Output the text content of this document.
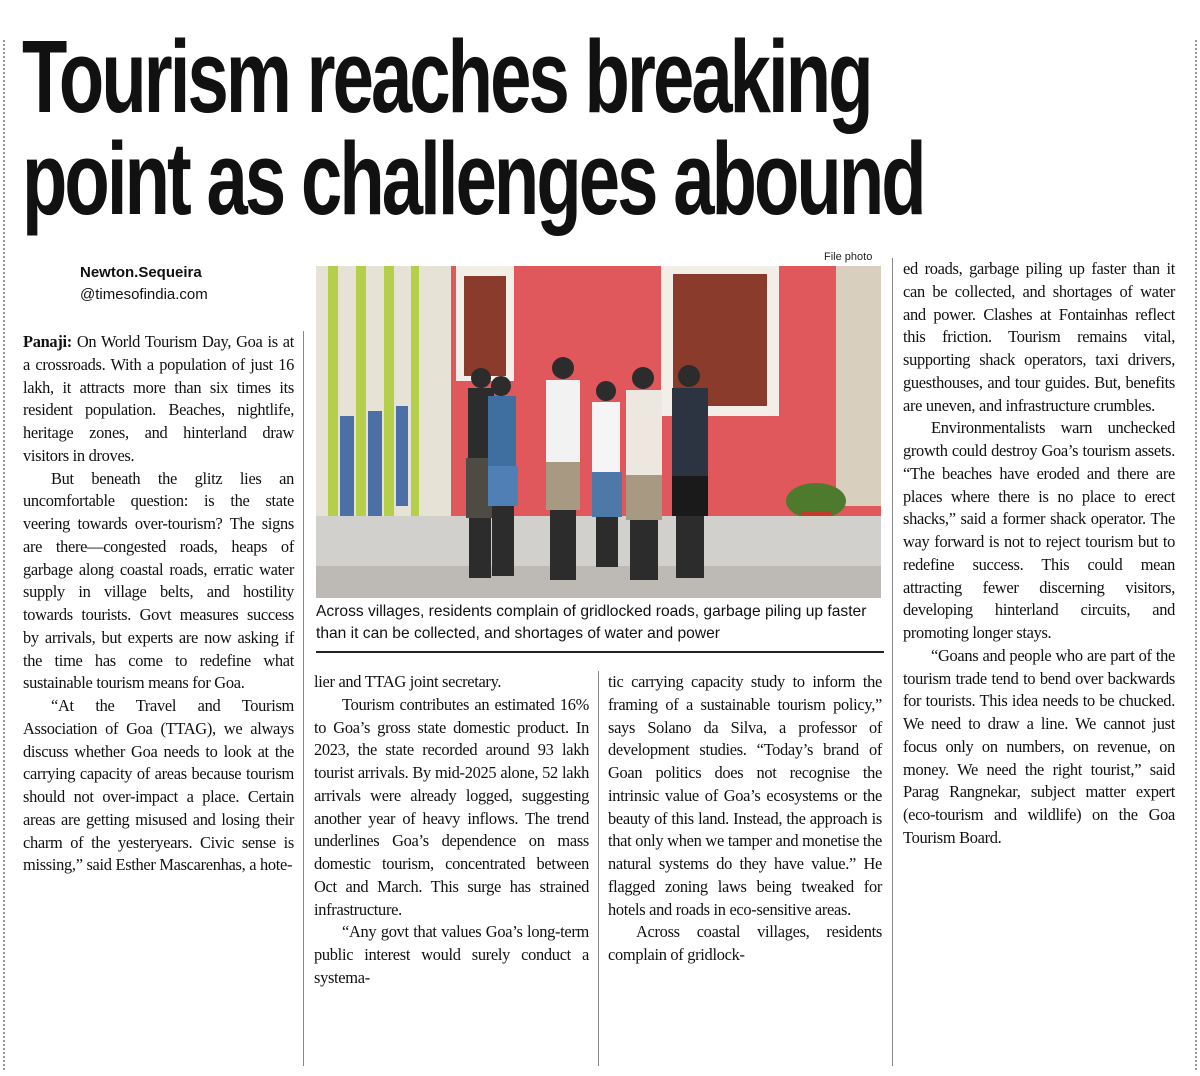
Tourism reaches breaking
point as challenges abound
Newton.Sequeira
@timesofindia.com

Panaji: On World Tourism Day, Goa is at a crossroads. With a population of just 16 lakh, it attracts more than six times its resident population. Beaches, nightlife, heritage zones, and hinterland draw visitors in droves.

But beneath the glitz lies an uncomfortable question: is the state veering towards over-tourism? The signs are there—congested roads, heaps of garbage along coastal roads, erratic water supply in village belts, and hostility towards tourists. Govt measures success by arrivals, but experts are now asking if the time has come to redefine what sustainable tourism means for Goa.

“At the Travel and Tourism Association of Goa (TTAG), we always discuss whether Goa needs to look at the carrying capacity of areas because tourism should not over-impact a place. Certain areas are getting misused and losing their charm of the yesteryears. Civic sense is missing,” said Esther Mascarenhas, a hote-

File photo
Across villages, residents complain of gridlocked roads, garbage piling up faster than it can be collected, and shortages of water and power

lier and TTAG joint secretary.

Tourism contributes an estimated 16% to Goa’s gross state domestic product. In 2023, the state recorded around 93 lakh tourist arrivals. By mid-2025 alone, 52 lakh arrivals were already logged, suggesting another year of heavy inflows. The trend underlines Goa’s dependence on mass domestic tourism, concentrated between Oct and March. This surge has strained infrastructure.

“Any govt that values Goa’s long-term public interest would surely conduct a systema-

tic carrying capacity study to inform the framing of a sustainable tourism policy,” says Solano da Silva, a professor of development studies. “Today’s brand of Goan politics does not recognise the intrinsic value of Goa’s ecosystems or the beauty of this land. Instead, the approach is that only when we tamper and monetise the natural systems do they have value.” He flagged zoning laws being tweaked for hotels and roads in eco-sensitive areas.

Across coastal villages, residents complain of gridlock-

ed roads, garbage piling up faster than it can be collected, and shortages of water and power. Clashes at Fontainhas reflect this friction. Tourism remains vital, supporting shack operators, taxi drivers, guesthouses, and tour guides. But, benefits are uneven, and infrastructure crumbles.

Environmentalists warn unchecked growth could destroy Goa’s tourism assets. “The beaches have eroded and there are places where there is no place to erect shacks,” said a former shack operator. The way forward is not to reject tourism but to redefine success. This could mean attracting fewer discerning visitors, developing hinterland circuits, and promoting longer stays.

“Goans and people who are part of the tourism trade tend to bend over backwards for tourists. This idea needs to be chucked. We need to draw a line. We cannot just focus only on numbers, on revenue, on money. We need the right tourist,” said Parag Rangnekar, subject matter expert (eco-tourism and wildlife) on the Goa Tourism Board.
